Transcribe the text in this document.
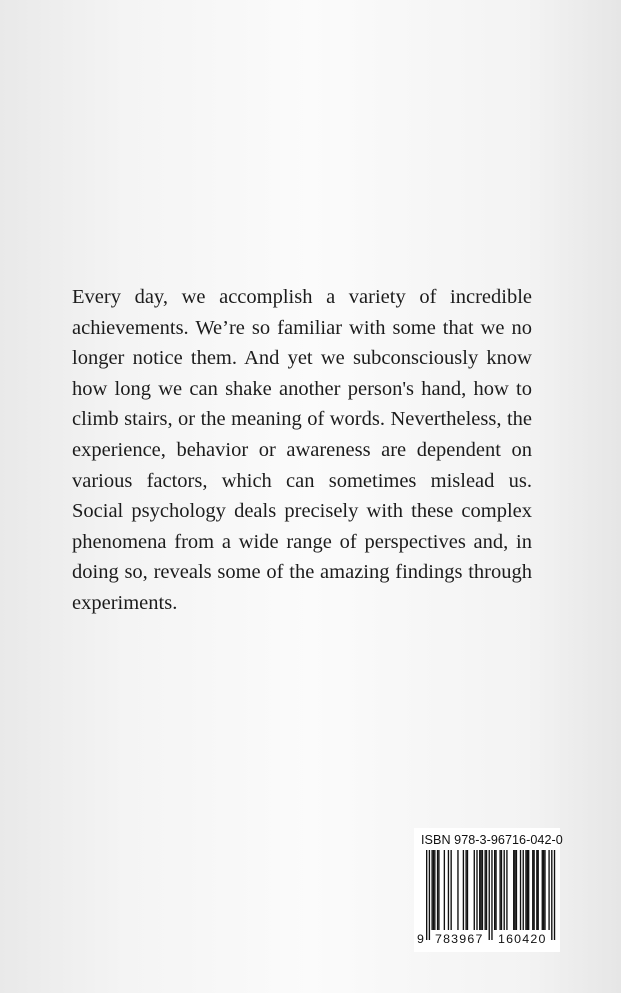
Every day, we accomplish a variety of incredible achievements. We’re so familiar with some that we no longer notice them. And yet we subconsciously know how long we can shake another person's hand, how to climb stairs, or the meaning of words. Nevertheless, the experience, behavior or awareness are dependent on various factors, which can sometimes mislead us. Social psychology deals precisely with these complex phenomena from a wide range of perspectives and, in doing so, reveals some of the amazing findings through experiments.

ISBN 978-3-96716-042-0
9 783967 160420
